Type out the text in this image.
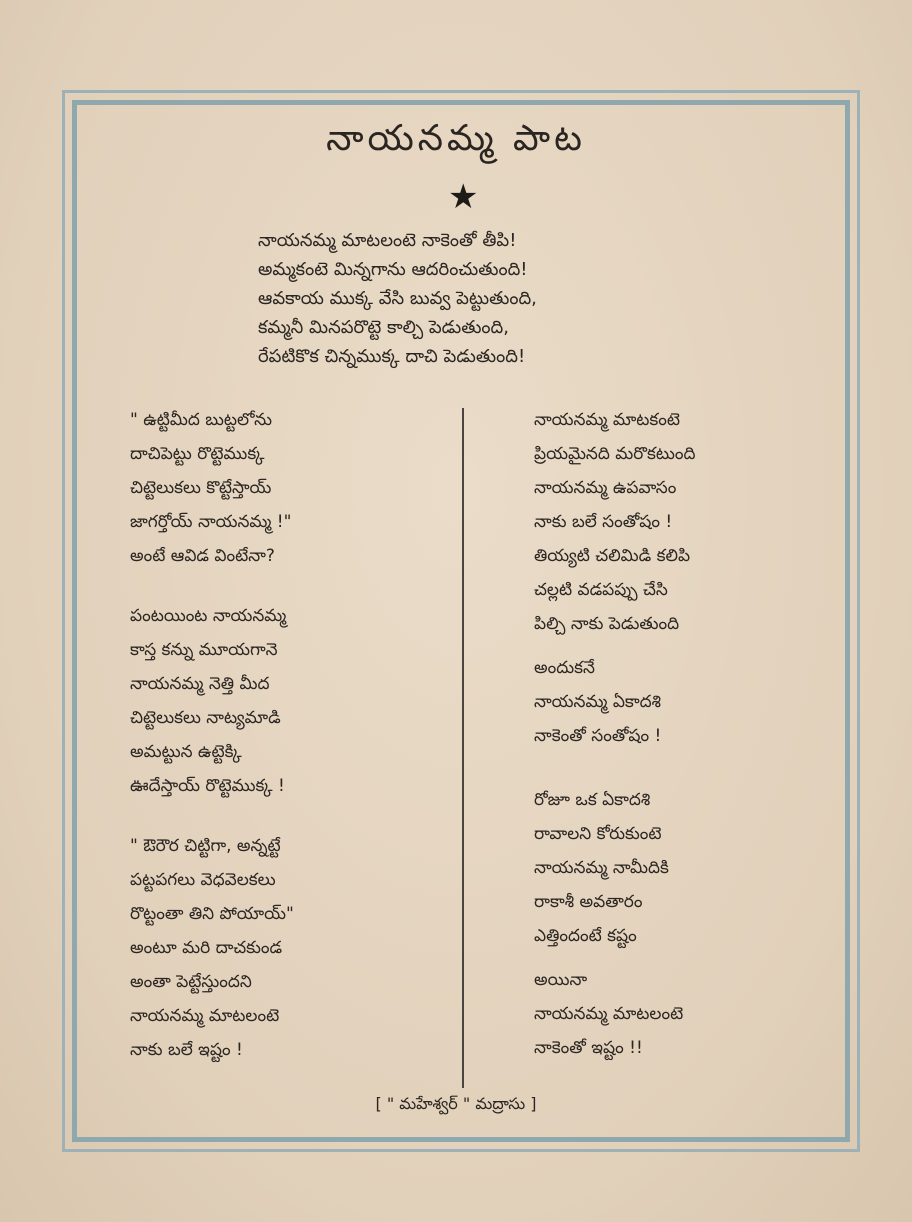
నాయనమ్మ పాట
★
నాయనమ్మ మాటలంటె నాకెంతో తీపి!
అమ్మకంటె మిన్నగాను ఆదరించుతుంది!
ఆవకాయ ముక్క వేసి బువ్వ పెట్టుతుంది,
కమ్మనీ మినపరొట్టె కాల్చి పెడుతుంది,
రేపటికొక చిన్నముక్క దాచి పెడుతుంది!
" ఉట్టిమీద బుట్టలోను
దాచిపెట్టు రొట్టెముక్క
చిట్టెలుకలు కొట్టేస్తాయ్
జాగర్తోయ్ నాయనమ్మ !"
అంటే ఆవిడ వింటేనా?
పంటయింట నాయనమ్మ
కాస్త కన్ను మూయగానె
నాయనమ్మ నెత్తి మీద
చిట్టెలుకలు నాట్యమాడి
అమట్టున ఉట్టెక్కి
ఊదేస్తాయ్ రొట్టెముక్క !
" ఔరౌర చిట్టిగా, అన్నట్టే
పట్టపగలు వెధవెలకలు
రొట్టంతా తిని పోయాయ్"
అంటూ మరి దాచకుండ
అంతా పెట్టేస్తుందని
నాయనమ్మ మాటలంటె
నాకు బలే ఇష్టం !
నాయనమ్మ మాటకంటె
ప్రియమైనది మరొకటుంది
నాయనమ్మ ఉపవాసం
నాకు బలే సంతోషం !
తియ్యటి చలిమిడి కలిపి
చల్లటి వడపప్పు చేసి
పిల్చి నాకు పెడుతుంది
అందుకనే
నాయనమ్మ ఏకాదశి
నాకెంతో సంతోషం !
రోజూ ఒక ఏకాదశి
రావాలని కోరుకుంటె
నాయనమ్మ నామీదికి
రాకాశీ అవతారం
ఎత్తిందంటే కష్టం
అయినా
నాయనమ్మ మాటలంటె
నాకెంతో ఇష్టం !!
[ " మహేశ్వర్ " మద్రాసు ]
